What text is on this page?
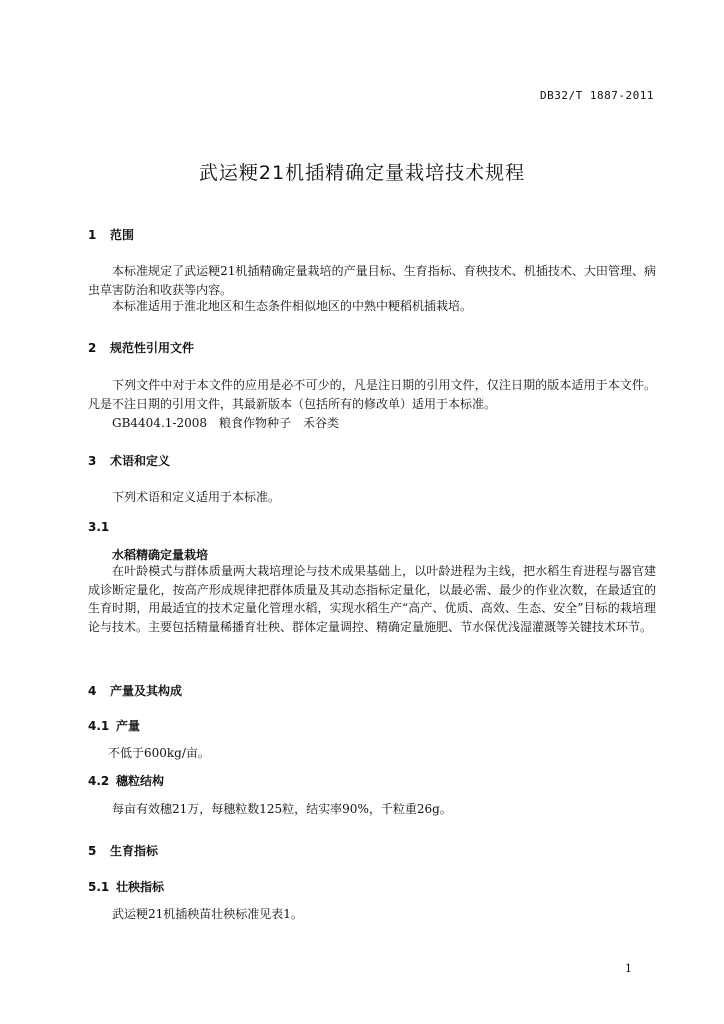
DB32/T 1887-2011
武运粳21机插精确定量栽培技术规程
1 范围
本标准规定了武运粳21机插精确定量栽培的产量目标、生育指标、育秧技术、机插技术、大田管理、病虫草害防治和收获等内容。
本标准适用于淮北地区和生态条件相似地区的中熟中粳稻机插栽培。
2 规范性引用文件
下列文件中对于本文件的应用是必不可少的，凡是注日期的引用文件，仅注日期的版本适用于本文件。凡是不注日期的引用文件，其最新版本（包括所有的修改单）适用于本标准。
GB4404.1-2008　粮食作物种子　禾谷类
3 术语和定义
下列术语和定义适用于本标准。
3.1
水稻精确定量栽培
在叶龄模式与群体质量两大栽培理论与技术成果基础上，以叶龄进程为主线，把水稻生育进程与器官建成诊断定量化，按高产形成规律把群体质量及其动态指标定量化，以最必需、最少的作业次数，在最适宜的生育时期，用最适宜的技术定量化管理水稻，实现水稻生产“高产、优质、高效、生态、安全”目标的栽培理论与技术。主要包括精量稀播育壮秧、群体定量调控、精确定量施肥、节水保优浅湿灌溉等关键技术环节。
4 产量及其构成
4.1 产量
不低于600kg/亩。
4.2 穗粒结构
每亩有效穗21万，每穗粒数125粒，结实率90%，千粒重26g。
5 生育指标
5.1 壮秧指标
武运粳21机插秧苗壮秧标准见表1。
1
